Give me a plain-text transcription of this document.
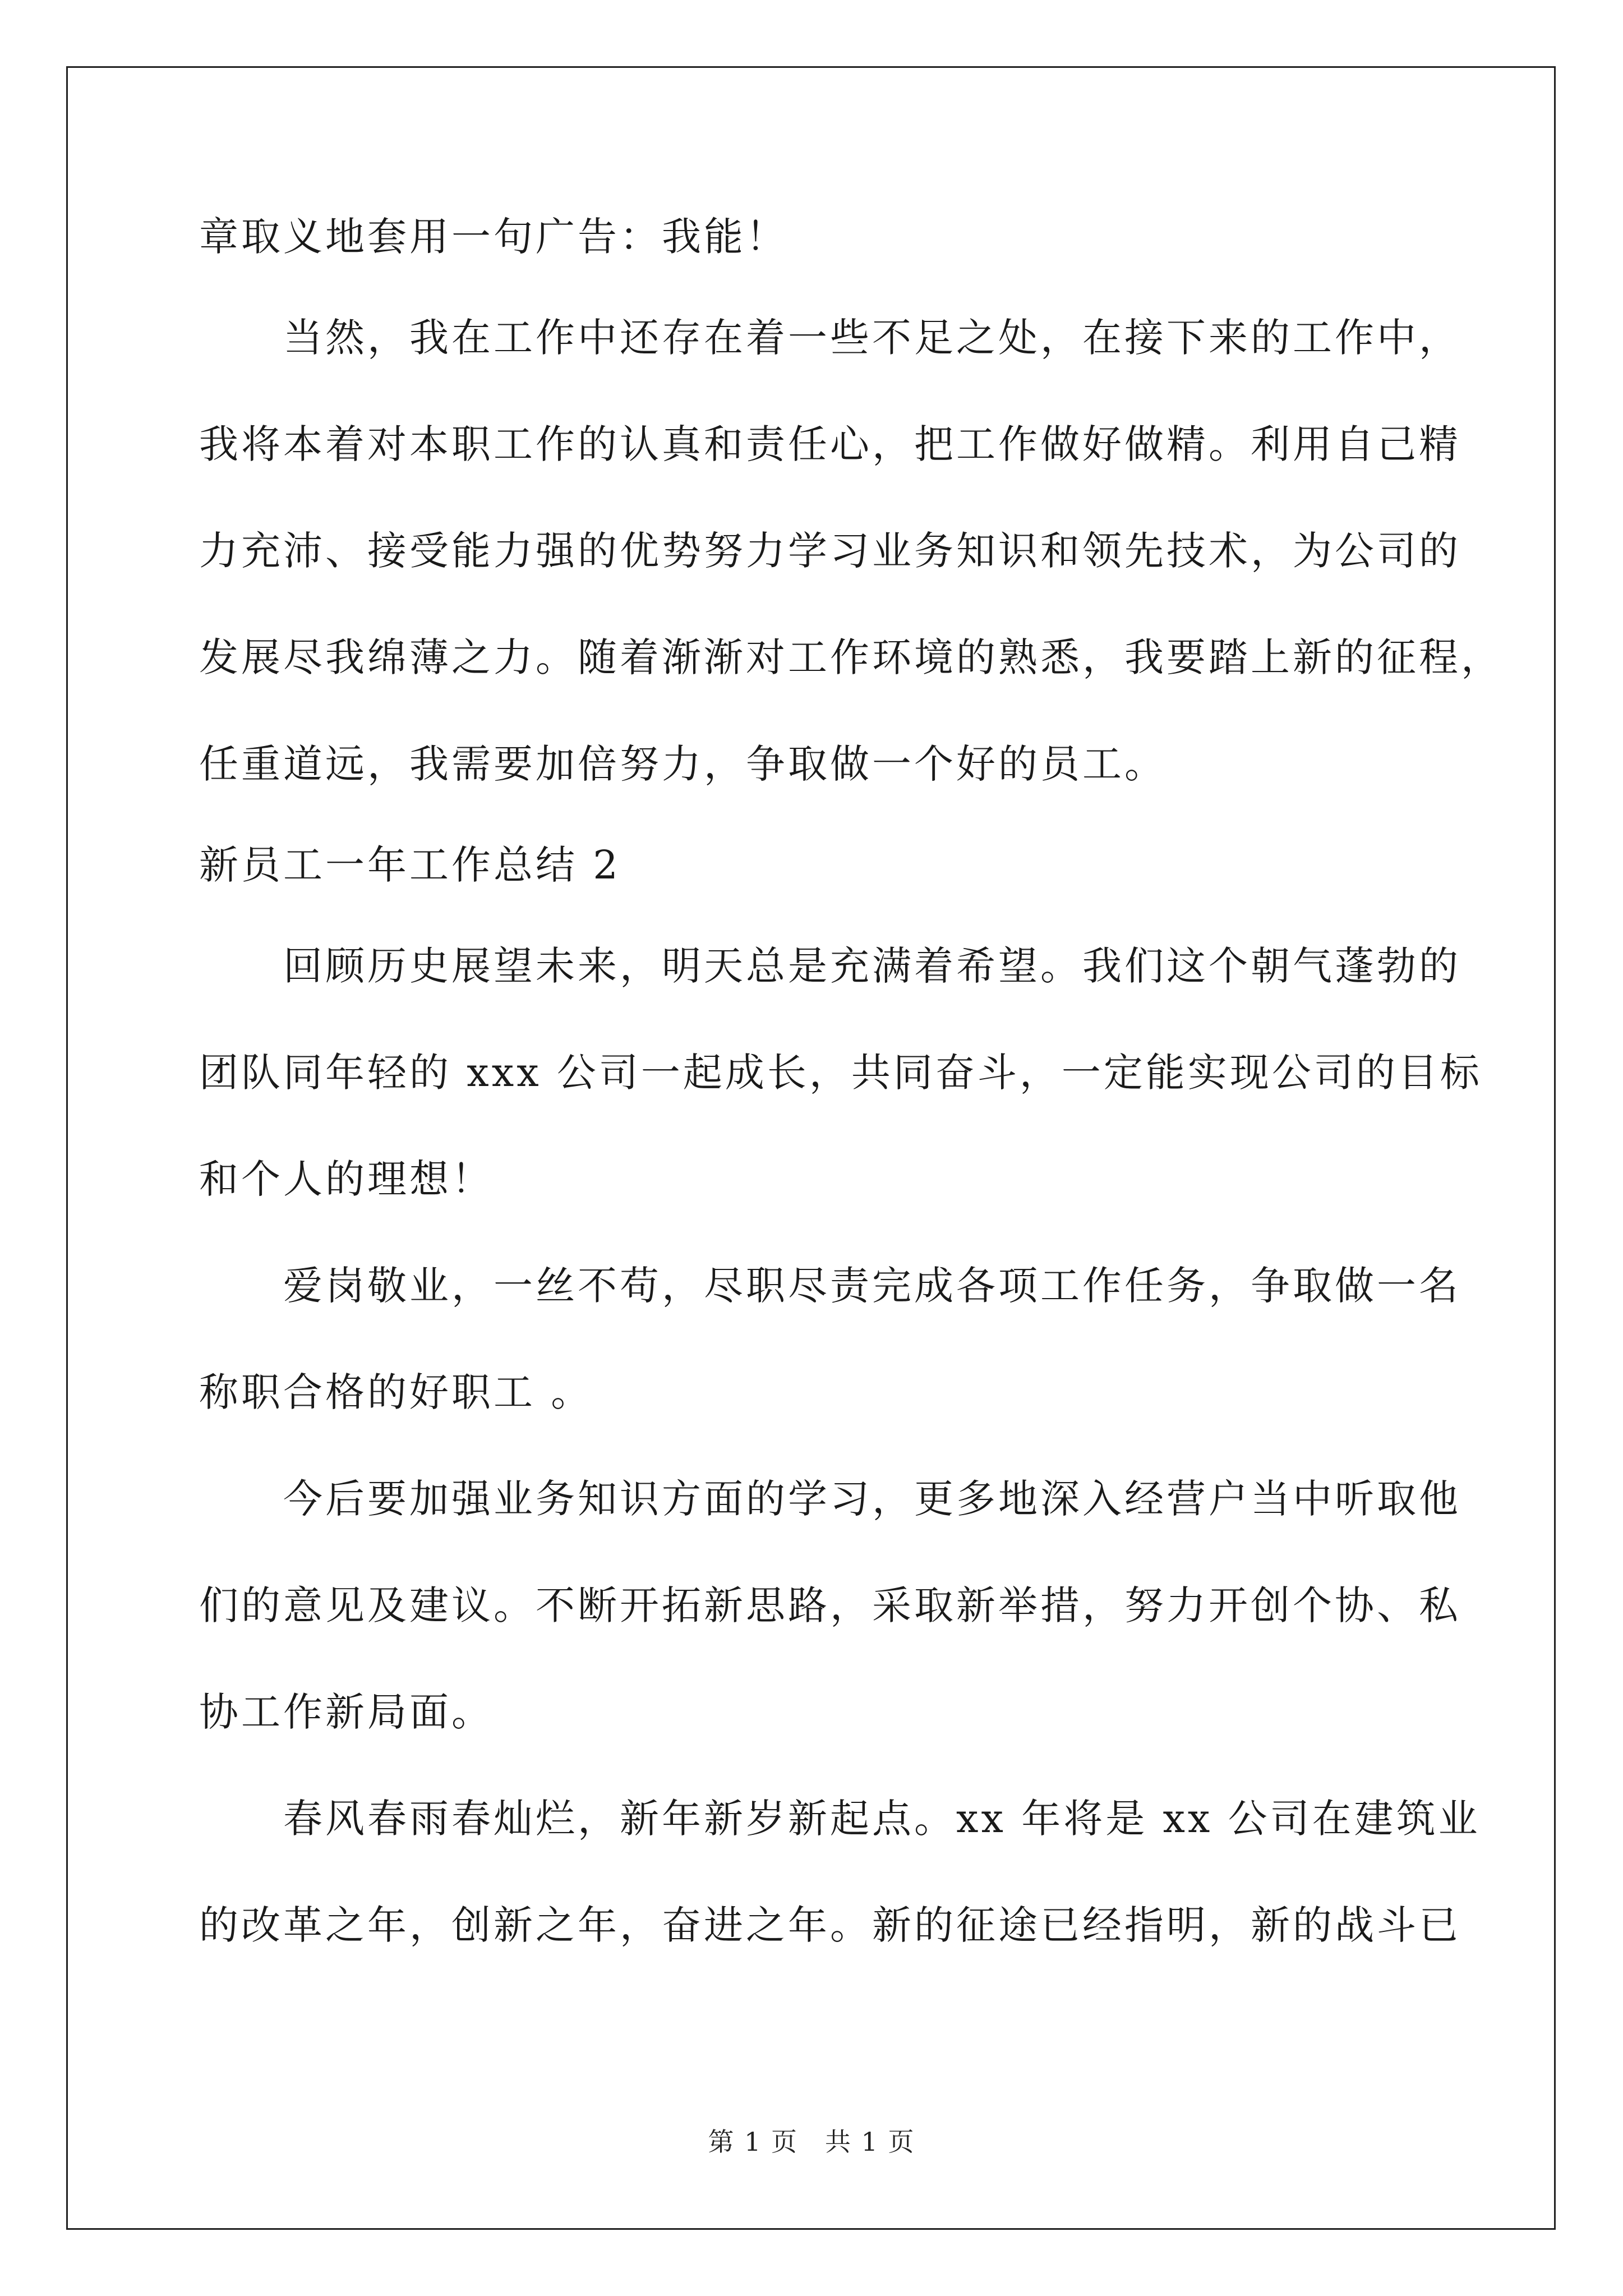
章取义地套用一句广告：我能！

当然，我在工作中还存在着一些不足之处，在接下来的工作中，

我将本着对本职工作的认真和责任心，把工作做好做精。利用自己精

力充沛、接受能力强的优势努力学习业务知识和领先技术，为公司的

发展尽我绵薄之力。随着渐渐对工作环境的熟悉，我要踏上新的征程，

任重道远，我需要加倍努力，争取做一个好的员工。

新员工一年工作总结 2

回顾历史展望未来，明天总是充满着希望。我们这个朝气蓬勃的

团队同年轻的 xxx 公司一起成长，共同奋斗，一定能实现公司的目标

和个人的理想！

爱岗敬业，一丝不苟，尽职尽责完成各项工作任务，争取做一名

称职合格的好职工 。

今后要加强业务知识方面的学习，更多地深入经营户当中听取他

们的意见及建议。不断开拓新思路，采取新举措，努力开创个协、私

协工作新局面。

春风春雨春灿烂，新年新岁新起点。xx 年将是 xx 公司在建筑业

的改革之年，创新之年，奋进之年。新的征途已经指明，新的战斗已

第 1 页　共 1 页
